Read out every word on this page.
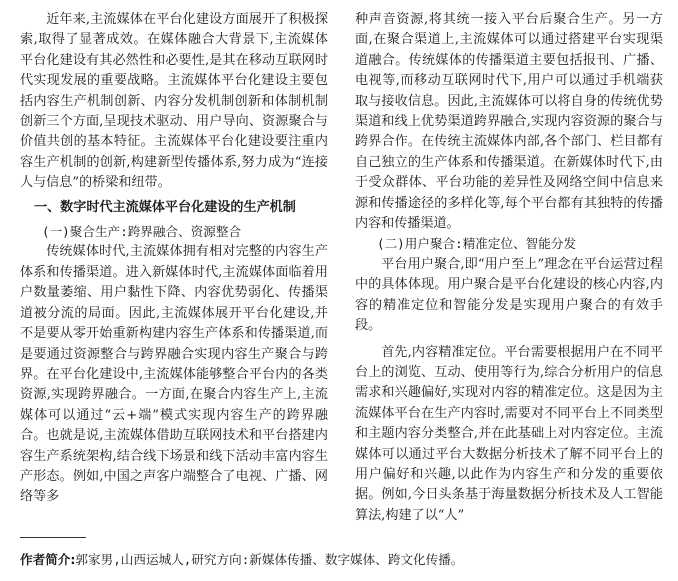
近年来,主流媒体在平台化建设方面展开了积极探索,取得了显著成效。在媒体融合大背景下,主流媒体平台化建设有其必然性和必要性,是其在移动互联网时代实现发展的重要战略。主流媒体平台化建设主要包括内容生产机制创新、内容分发机制创新和体制机制创新三个方面,呈现技术驱动、用户导向、资源聚合与价值共创的基本特征。主流媒体平台化建设要注重内容生产机制的创新,构建新型传播体系,努力成为“连接人与信息”的桥梁和纽带。

一、数字时代主流媒体平台化建设的生产机制
(一)聚合生产:跨界融合、资源整合

传统媒体时代,主流媒体拥有相对完整的内容生产体系和传播渠道。进入新媒体时代,主流媒体面临着用户数量萎缩、用户黏性下降、内容优势弱化、传播渠道被分流的局面。因此,主流媒体展开平台化建设,并不是要从零开始重新构建内容生产体系和传播渠道,而是要通过资源整合与跨界融合实现内容生产聚合与跨界。在平台化建设中,主流媒体能够整合平台内的各类资源,实现跨界融合。一方面,在聚合内容生产上,主流媒体可以通过“云+端”模式实现内容生产的跨界融合。也就是说,主流媒体借助互联网技术和平台搭建内容生产系统架构,结合线下场景和线下活动丰富内容生产形态。例如,中国之声客户端整合了电视、广播、网络等多

种声音资源,将其统一接入平台后聚合生产。另一方面,在聚合渠道上,主流媒体可以通过搭建平台实现渠道融合。传统媒体的传播渠道主要包括报刊、广播、电视等,而移动互联网时代下,用户可以通过手机端获取与接收信息。因此,主流媒体可以将自身的传统优势渠道和线上优势渠道跨界融合,实现内容资源的聚合与跨界合作。在传统主流媒体内部,各个部门、栏目都有自己独立的生产体系和传播渠道。在新媒体时代下,由于受众群体、平台功能的差异性及网络空间中信息来源和传播途径的多样化等,每个平台都有其独特的传播内容和传播渠道。

(二)用户聚合:精准定位、智能分发

平台用户聚合,即“用户至上”理念在平台运营过程中的具体体现。用户聚合是平台化建设的核心内容,内容的精准定位和智能分发是实现用户聚合的有效手段。

首先,内容精准定位。平台需要根据用户在不同平台上的浏览、互动、使用等行为,综合分析用户的信息需求和兴趣偏好,实现对内容的精准定位。这是因为主流媒体平台在生产内容时,需要对不同平台上不同类型和主题内容分类整合,并在此基础上对内容定位。主流媒体可以通过平台大数据分析技术了解不同平台上的用户偏好和兴趣,以此作为内容生产和分发的重要依据。例如,今日头条基于海量数据分析技术及人工智能算法,构建了以“人”

作者简介:郭家男,山西运城人,研究方向:新媒体传播、数字媒体、跨文化传播。
